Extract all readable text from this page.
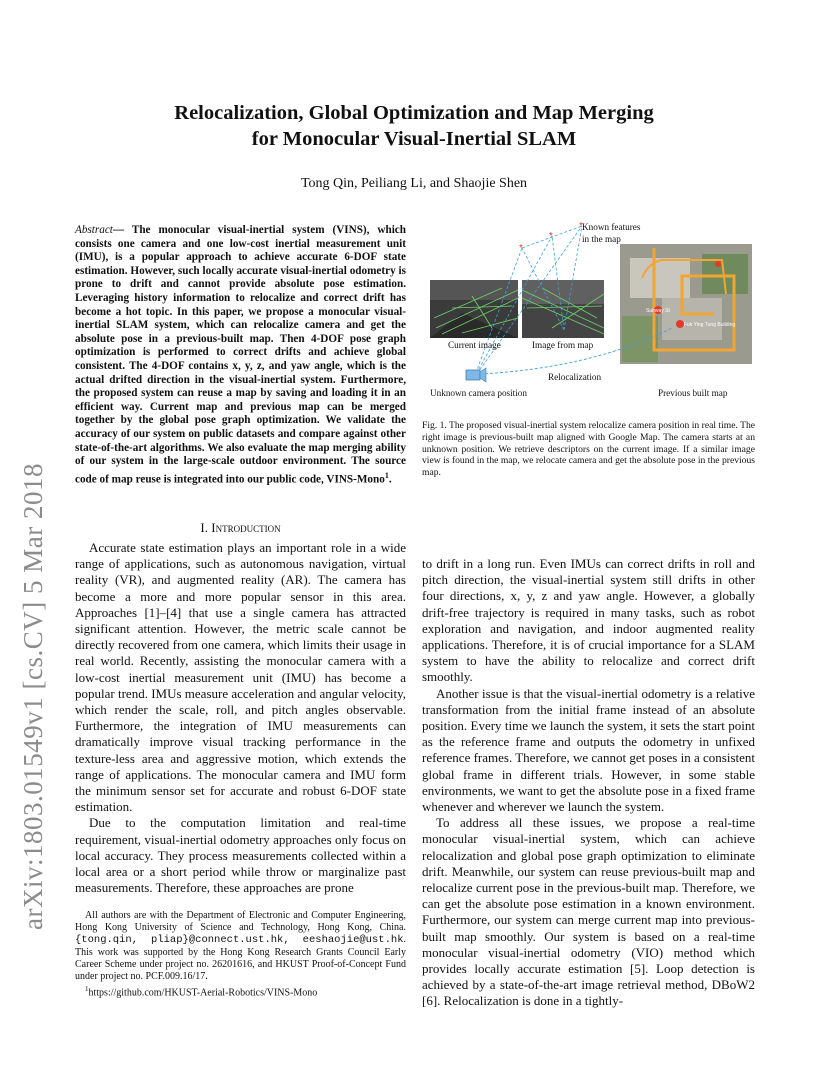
arXiv:1803.01549v1 [cs.CV] 5 Mar 2018
Relocalization, Global Optimization and Map Merging
for Monocular Visual-Inertial SLAM
Tong Qin, Peiliang Li, and Shaojie Shen
Abstract— The monocular visual-inertial system (VINS), which consists one camera and one low-cost inertial measurement unit (IMU), is a popular approach to achieve accurate 6-DOF state estimation. However, such locally accurate visual-inertial odometry is prone to drift and cannot provide absolute pose estimation. Leveraging history information to relocalize and correct drift has become a hot topic. In this paper, we propose a monocular visual-inertial SLAM system, which can relocalize camera and get the absolute pose in a previous-built map. Then 4-DOF pose graph optimization is performed to correct drifts and achieve global consistent. The 4-DOF contains x, y, z, and yaw angle, which is the actual drifted direction in the visual-inertial system. Furthermore, the proposed system can reuse a map by saving and loading it in an efficient way. Current map and previous map can be merged together by the global pose graph optimization. We validate the accuracy of our system on public datasets and compare against other state-of-the-art algorithms. We also evaluate the map merging ability of our system in the large-scale outdoor environment. The source code of map reuse is integrated into our public code, VINS-Mono$^1$.
Subway St
Fok Ying Tung Building
*
*
* Known features
in the map
Current image	Image from map
Relocalization
Unknown camera position	Previous built map
Fig. 1. The proposed visual-inertial system relocalize camera position in real time. The right image is previous-built map aligned with Google Map. The camera starts at an unknown position. We retrieve descriptors on the current image. If a similar image view is found in the map, we relocate camera and get the absolute pose in the previous map.
I. Introduction

Accurate state estimation plays an important role in a wide range of applications, such as autonomous navigation, virtual reality (VR), and augmented reality (AR). The camera has become a more and more popular sensor in this area. Approaches [1]–[4] that use a single camera has attracted significant attention. However, the metric scale cannot be directly recovered from one camera, which limits their usage in real world. Recently, assisting the monocular camera with a low-cost inertial measurement unit (IMU) has become a popular trend. IMUs measure acceleration and angular velocity, which render the scale, roll, and pitch angles observable. Furthermore, the integration of IMU measurements can dramatically improve visual tracking performance in the texture-less area and aggressive motion, which extends the range of applications. The monocular camera and IMU form the minimum sensor set for accurate and robust 6-DOF state estimation.

Due to the computation limitation and real-time requirement, visual-inertial odometry approaches only focus on local accuracy. They process measurements collected within a local area or a short period while throw or marginalize past measurements. Therefore, these approaches are prone

All authors are with the Department of Electronic and Computer Engineering, Hong Kong University of Science and Technology, Hong Kong, China. {tong.qin, pliap}@connect.ust.hk, eeshaojie@ust.hk. This work was supported by the Hong Kong Research Grants Council Early Career Scheme under project no. 26201616, and HKUST Proof-of-Concept Fund under project no. PCF.009.16/17.

$^1$https://github.com/HKUST-Aerial-Robotics/VINS-Mono

to drift in a long run. Even IMUs can correct drifts in roll and pitch direction, the visual-inertial system still drifts in other four directions, x, y, z and yaw angle. However, a globally drift-free trajectory is required in many tasks, such as robot exploration and navigation, and indoor augmented reality applications. Therefore, it is of crucial importance for a SLAM system to have the ability to relocalize and correct drift smoothly.

Another issue is that the visual-inertial odometry is a relative transformation from the initial frame instead of an absolute position. Every time we launch the system, it sets the start point as the reference frame and outputs the odometry in unfixed reference frames. Therefore, we cannot get poses in a consistent global frame in different trials. However, in some stable environments, we want to get the absolute pose in a fixed frame whenever and wherever we launch the system.

To address all these issues, we propose a real-time monocular visual-inertial system, which can achieve relocalization and global pose graph optimization to eliminate drift. Meanwhile, our system can reuse previous-built map and relocalize current pose in the previous-built map. Therefore, we can get the absolute pose estimation in a known environment. Furthermore, our system can merge current map into previous-built map smoothly. Our system is based on a real-time monocular visual-inertial odometry (VIO) method which provides locally accurate estimation [5]. Loop detection is achieved by a state-of-the-art image retrieval method, DBoW2 [6]. Relocalization is done in a tightly-
